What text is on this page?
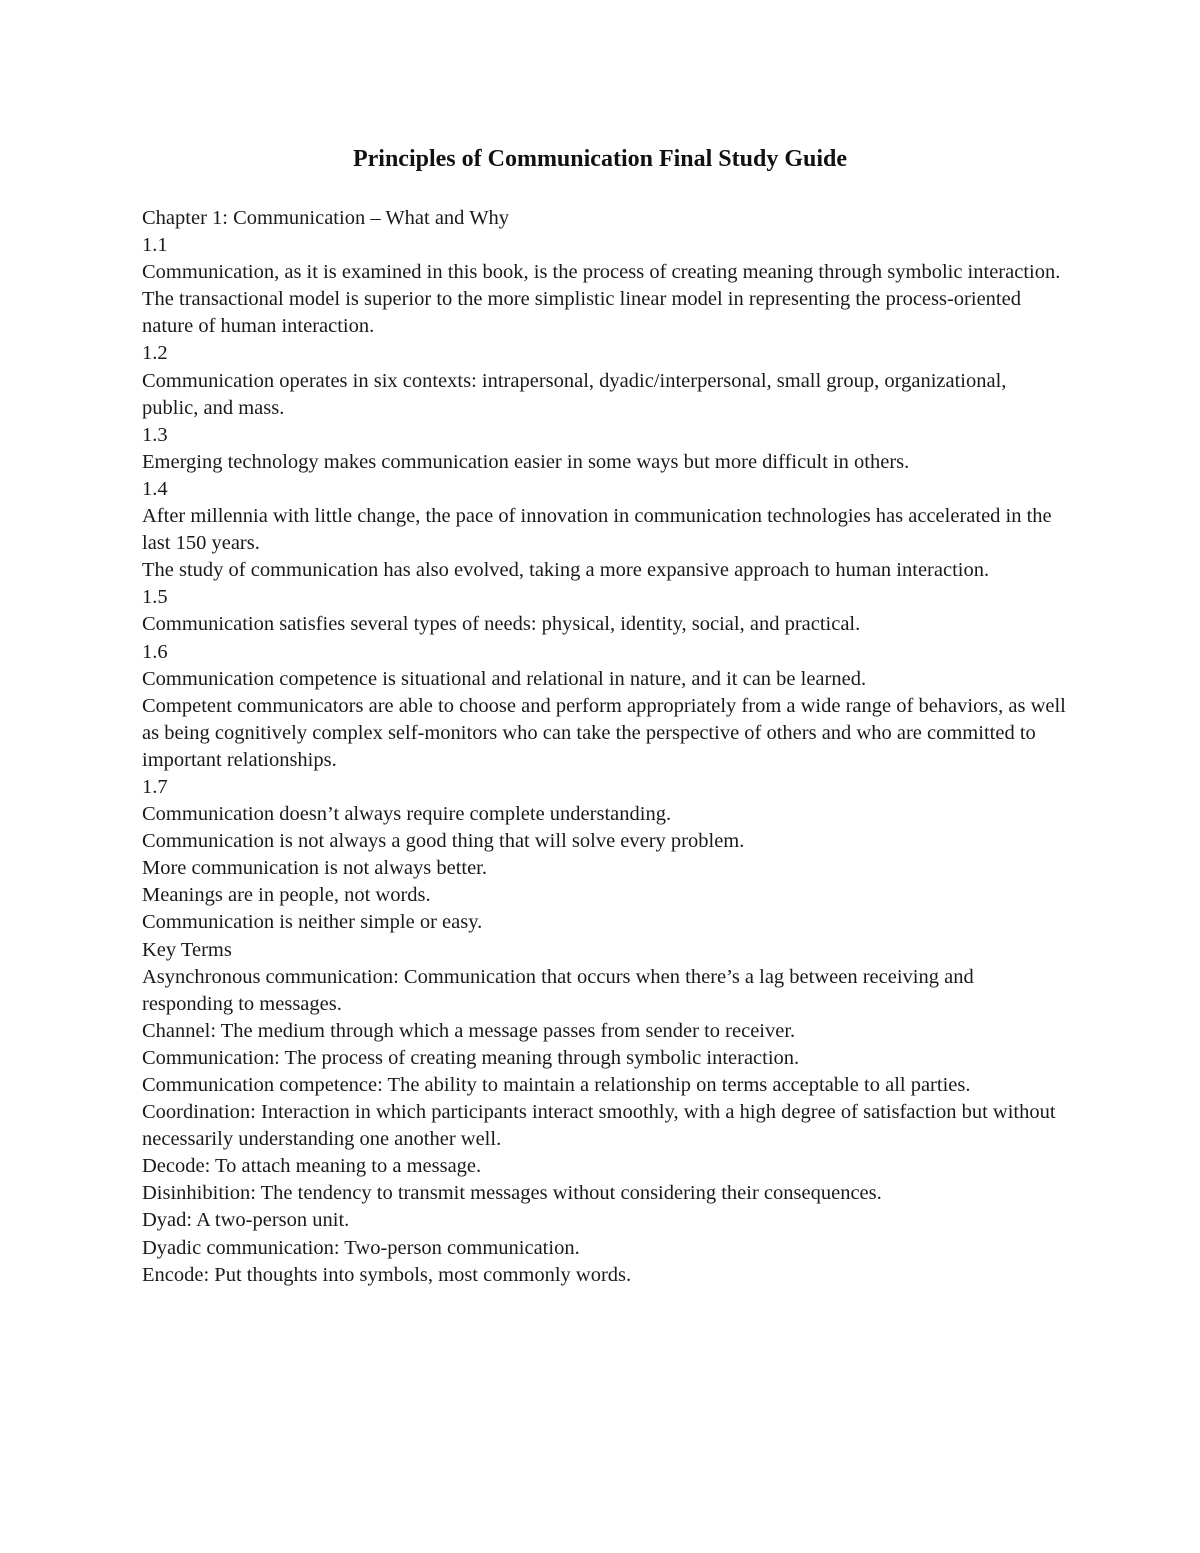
Principles of Communication Final Study Guide

Chapter 1: Communication – What and Why

1.1

Communication, as it is examined in this book, is the process of creating meaning through symbolic interaction.

The transactional model is superior to the more simplistic linear model in representing the process-oriented nature of human interaction.

1.2

Communication operates in six contexts: intrapersonal, dyadic/interpersonal, small group, organizational, public, and mass.

1.3

Emerging technology makes communication easier in some ways but more difficult in others.

1.4

After millennia with little change, the pace of innovation in communication technologies has accelerated in the last 150 years.

The study of communication has also evolved, taking a more expansive approach to human interaction.

1.5

Communication satisfies several types of needs: physical, identity, social, and practical.

1.6

Communication competence is situational and relational in nature, and it can be learned.

Competent communicators are able to choose and perform appropriately from a wide range of behaviors, as well as being cognitively complex self-monitors who can take the perspective of others and who are committed to important relationships.

1.7

Communication doesn’t always require complete understanding.

Communication is not always a good thing that will solve every problem.

More communication is not always better.

Meanings are in people, not words.

Communication is neither simple or easy.

Key Terms

Asynchronous communication: Communication that occurs when there’s a lag between receiving and responding to messages.

Channel: The medium through which a message passes from sender to receiver.

Communication: The process of creating meaning through symbolic interaction.

Communication competence: The ability to maintain a relationship on terms acceptable to all parties.

Coordination: Interaction in which participants interact smoothly, with a high degree of satisfaction but without necessarily understanding one another well.

Decode: To attach meaning to a message.

Disinhibition: The tendency to transmit messages without considering their consequences.

Dyad: A two-person unit.

Dyadic communication: Two-person communication.

Encode: Put thoughts into symbols, most commonly words.
